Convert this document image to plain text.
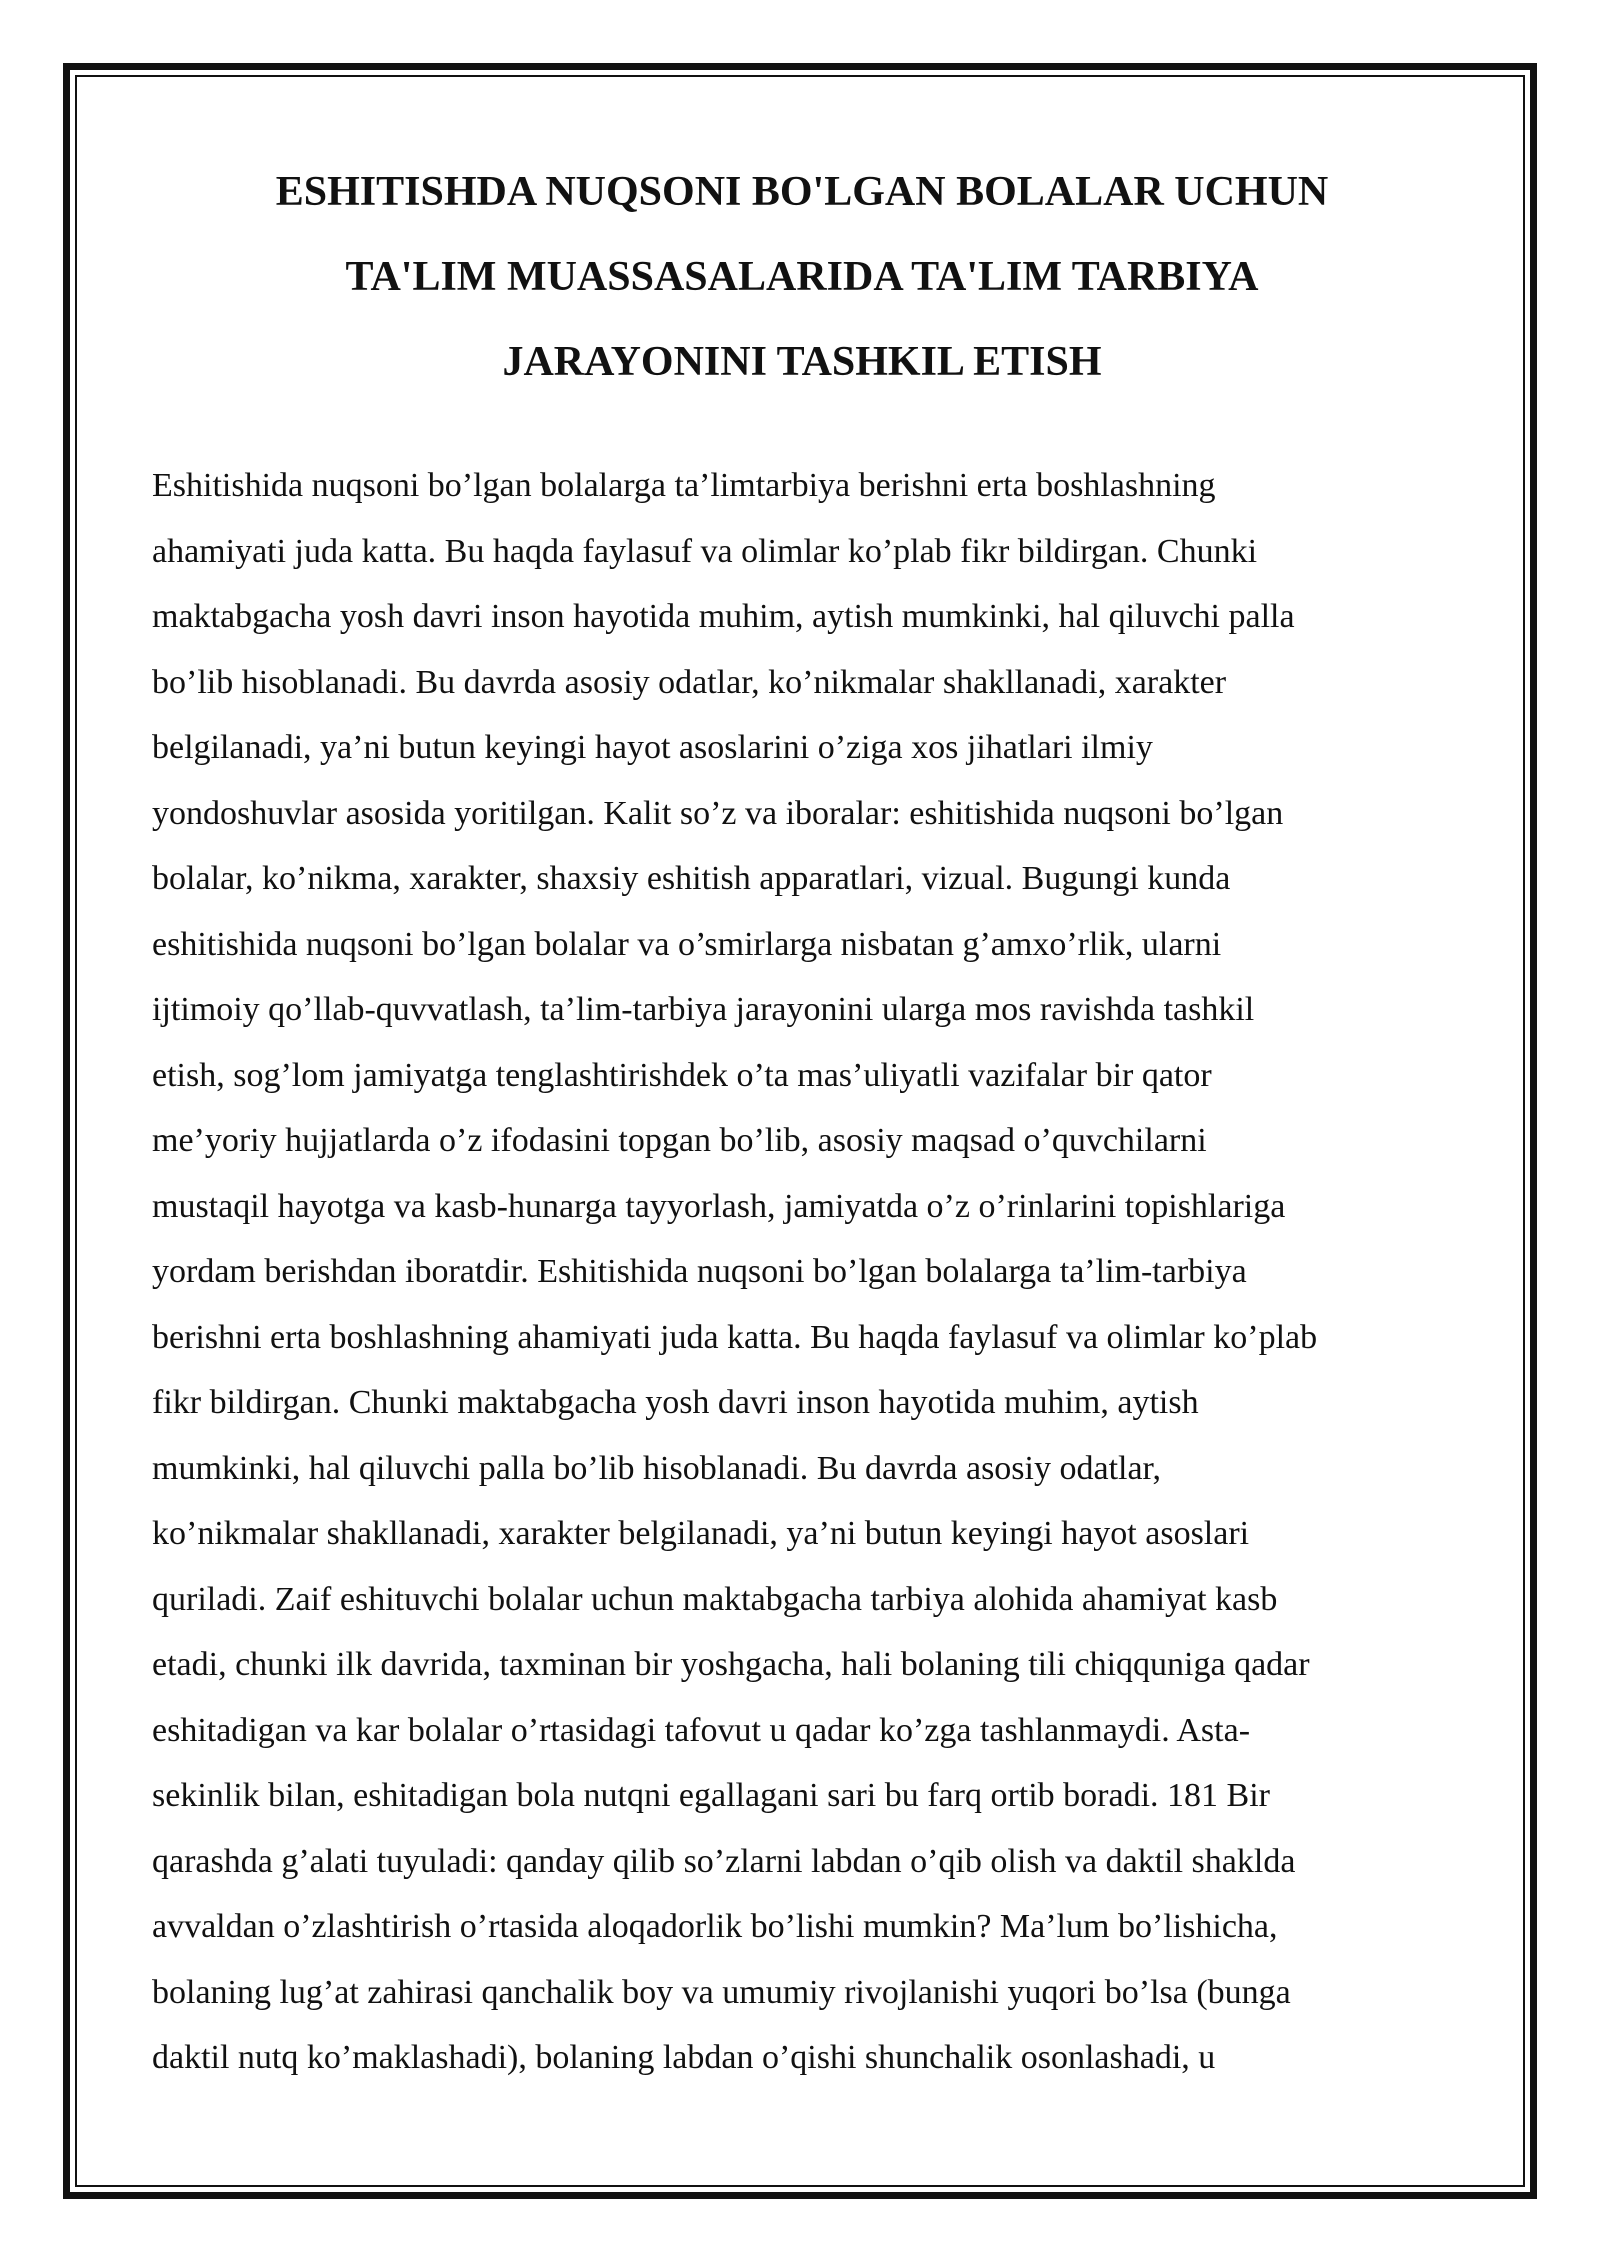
ESHITISHDA NUQSONI BO'LGAN BOLALAR UCHUN
TA'LIM MUASSASALARIDA TA'LIM TARBIYA
JARAYONINI TASHKIL ETISH
Eshitishida nuqsoni bo’lgan bolalarga ta’limtarbiya berishni erta boshlashning
ahamiyati juda katta. Bu haqda faylasuf va olimlar ko’plab fikr bildirgan. Chunki
maktabgacha yosh davri inson hayotida muhim, aytish mumkinki, hal qiluvchi palla
bo’lib hisoblanadi. Bu davrda asosiy odatlar, ko’nikmalar shakllanadi, xarakter
belgilanadi, ya’ni butun keyingi hayot asoslarini o’ziga xos jihatlari ilmiy
yondoshuvlar asosida yoritilgan. Kalit so’z va iboralar: eshitishida nuqsoni bo’lgan
bolalar, ko’nikma, xarakter, shaxsiy eshitish apparatlari, vizual. Bugungi kunda
eshitishida nuqsoni bo’lgan bolalar va o’smirlarga nisbatan g’amxo’rlik, ularni
ijtimoiy qo’llab-quvvatlash, ta’lim-tarbiya jarayonini ularga mos ravishda tashkil
etish, sog’lom jamiyatga tenglashtirishdek o’ta mas’uliyatli vazifalar bir qator
me’yoriy hujjatlarda o’z ifodasini topgan bo’lib, asosiy maqsad o’quvchilarni
mustaqil hayotga va kasb-hunarga tayyorlash, jamiyatda o’z o’rinlarini topishlariga
yordam berishdan iboratdir. Eshitishida nuqsoni bo’lgan bolalarga ta’lim-tarbiya
berishni erta boshlashning ahamiyati juda katta. Bu haqda faylasuf va olimlar ko’plab
fikr bildirgan. Chunki maktabgacha yosh davri inson hayotida muhim, aytish
mumkinki, hal qiluvchi palla bo’lib hisoblanadi. Bu davrda asosiy odatlar,
ko’nikmalar shakllanadi, xarakter belgilanadi, ya’ni butun keyingi hayot asoslari
quriladi. Zaif eshituvchi bolalar uchun maktabgacha tarbiya alohida ahamiyat kasb
etadi, chunki ilk davrida, taxminan bir yoshgacha, hali bolaning tili chiqquniga qadar
eshitadigan va kar bolalar o’rtasidagi tafovut u qadar ko’zga tashlanmaydi. Asta-
sekinlik bilan, eshitadigan bola nutqni egallagani sari bu farq ortib boradi. 181 Bir
qarashda g’alati tuyuladi: qanday qilib so’zlarni labdan o’qib olish va daktil shaklda
avvaldan o’zlashtirish o’rtasida aloqadorlik bo’lishi mumkin? Ma’lum bo’lishicha,
bolaning lug’at zahirasi qanchalik boy va umumiy rivojlanishi yuqori bo’lsa (bunga
daktil nutq ko’maklashadi), bolaning labdan o’qishi shunchalik osonlashadi, u
